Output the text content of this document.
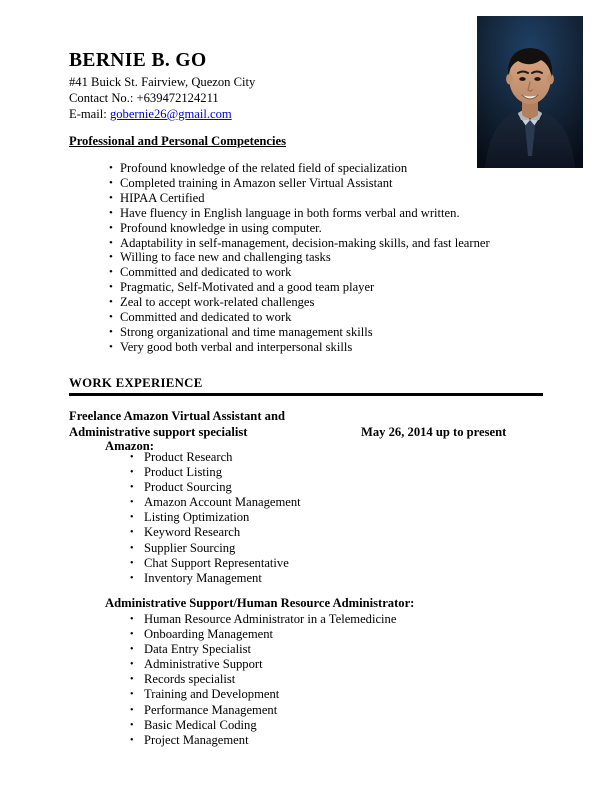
BERNIE B. GO
#41 Buick St. Fairview, Quezon City
Contact No.: +639472124211
E-mail: gobernie26@gmail.com
Professional and Personal Competencies
• Profound knowledge of the related field of specialization
• Completed training in Amazon seller Virtual Assistant
• HIPAA Certified
• Have fluency in English language in both forms verbal and written.
• Profound knowledge in using computer.
• Adaptability in self-management, decision-making skills, and fast learner
• Willing to face new and challenging tasks
• Committed and dedicated to work
• Pragmatic, Self-Motivated and a good team player
• Zeal to accept work-related challenges
• Committed and dedicated to work
• Strong organizational and time management skills
• Very good both verbal and interpersonal skills
WORK EXPERIENCE
Freelance Amazon Virtual Assistant and
Administrative support specialist	May 26, 2014 up to present
Amazon:
• Product Research
• Product Listing
• Product Sourcing
• Amazon Account Management
• Listing Optimization
• Keyword Research
• Supplier Sourcing
• Chat Support Representative
• Inventory Management
Administrative Support/Human Resource Administrator:
• Human Resource Administrator in a Telemedicine
• Onboarding Management
• Data Entry Specialist
• Administrative Support
• Records specialist
• Training and Development
• Performance Management
• Basic Medical Coding
• Project Management
